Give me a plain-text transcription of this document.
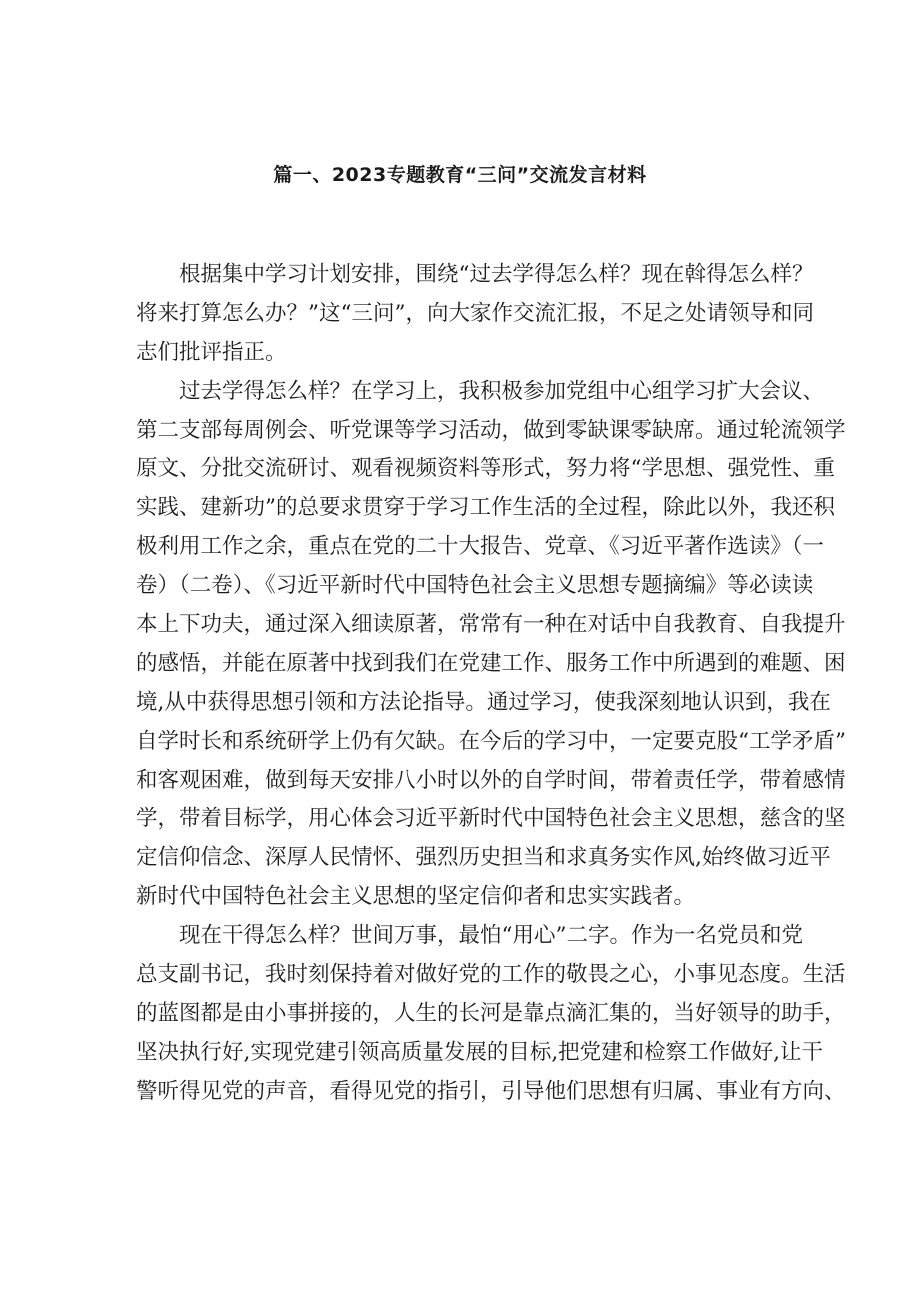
篇一、2023专题教育“三问”交流发言材料

根据集中学习计划安排，围绕“过去学得怎么样？现在斡得怎么样？
将来打算怎么办？”这“三问”，向大家作交流汇报，不足之处请领导和同
志们批评指正。

过去学得怎么样？在学习上，我积极参加党组中心组学习扩大会议、
第二支部每周例会、听党课等学习活动，做到零缺课零缺席。通过轮流领学
原文、分批交流研讨、观看视频资料等形式，努力将“学思想、强党性、重
实践、建新功”的总要求贯穿于学习工作生活的全过程，除此以外，我还积
极利用工作之余，重点在党的二十大报告、党章、《习近平著作选读》（一
卷）（二卷）、《习近平新时代中国特色社会主义思想专题摘编》等必读读
本上下功夫，通过深入细读原著，常常有一种在对话中自我教育、自我提升
的感悟，并能在原著中找到我们在党建工作、服务工作中所遇到的难题、困
境,从中获得思想引领和方法论指导。通过学习，使我深刻地认识到，我在
自学时长和系统研学上仍有欠缺。在今后的学习中，一定要克股“工学矛盾”
和客观困难，做到每天安排八小时以外的自学时间，带着责任学，带着感情
学，带着目标学，用心体会习近平新时代中国特色社会主义思想，慈含的坚
定信仰信念、深厚人民情怀、强烈历史担当和求真务实作风,始终做习近平
新时代中国特色社会主义思想的坚定信仰者和忠实实践者。

现在干得怎么样？世间万事，最怕“用心”二字。作为一名党员和党
总支副书记，我时刻保持着对做好党的工作的敬畏之心，小事见态度。生活
的蓝图都是由小事拼接的，人生的长河是靠点滴汇集的，当好领导的助手，
坚决执行好,实现党建引领高质量发展的目标,把党建和检察工作做好,让干
警听得见党的声音，看得见党的指引，引导他们思想有归属、事业有方向、
